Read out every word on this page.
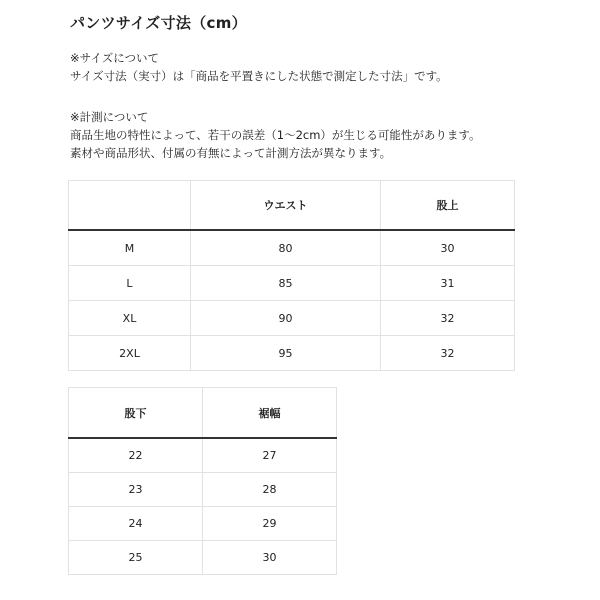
パンツサイズ寸法（cm）
※サイズについて
サイズ寸法（実寸）は「商品を平置きにした状態で測定した寸法」です。
※計測について
商品生地の特性によって、若干の誤差（1〜2cm）が生じる可能性があります。
素材や商品形状、付属の有無によって計測方法が異なります。
	ウエスト	股上
M	80	30
L	85	31
XL	90	32
2XL	95	32
股下	裾幅
22	27
23	28
24	29
25	30
